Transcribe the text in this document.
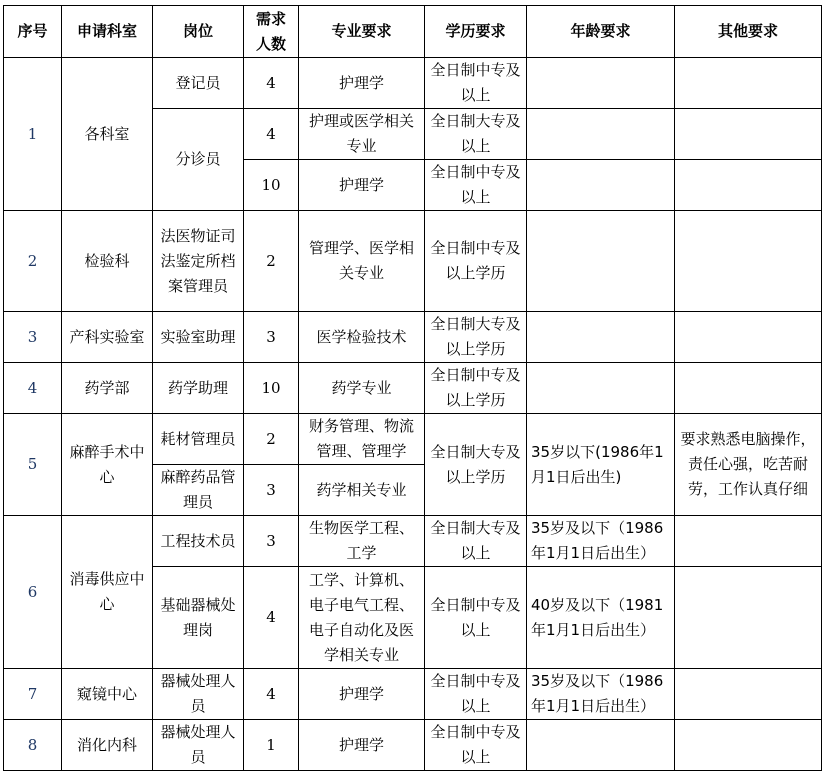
序号	申请科室	岗位	需求人数	专业要求	学历要求	年龄要求	其他要求
1	各科室	登记员	4	护理学	全日制中专及以上		
		分诊员	4	护理或医学相关专业	全日制大专及以上		
			10	护理学	全日制中专及以上		
2	检验科	法医物证司法鉴定所档案管理员	2	管理学、医学相关专业	全日制中专及以上学历		
3	产科实验室	实验室助理	3	医学检验技术	全日制大专及以上学历		
4	药学部	药学助理	10	药学专业	全日制中专及以上学历		
5	麻醉手术中心	耗材管理员	2	财务管理、物流管理、管理学	全日制大专及以上学历	35岁以下(1986年1月1日后出生)	要求熟悉电脑操作，责任心强，吃苦耐劳，工作认真仔细
		麻醉药品管理员	3	药学相关专业			
6	消毒供应中心	工程技术员	3	生物医学工程、工学	全日制大专及以上	35岁及以下（1986年1月1日后出生）	
		基础器械处理岗	4	工学、计算机、电子电气工程、电子自动化及医学相关专业	全日制中专及以上	40岁及以下（1981年1月1日后出生）	
7	窥镜中心	器械处理人员	4	护理学	全日制中专及以上	35岁及以下（1986年1月1日后出生）	
8	消化内科	器械处理人员	1	护理学	全日制中专及以上		
